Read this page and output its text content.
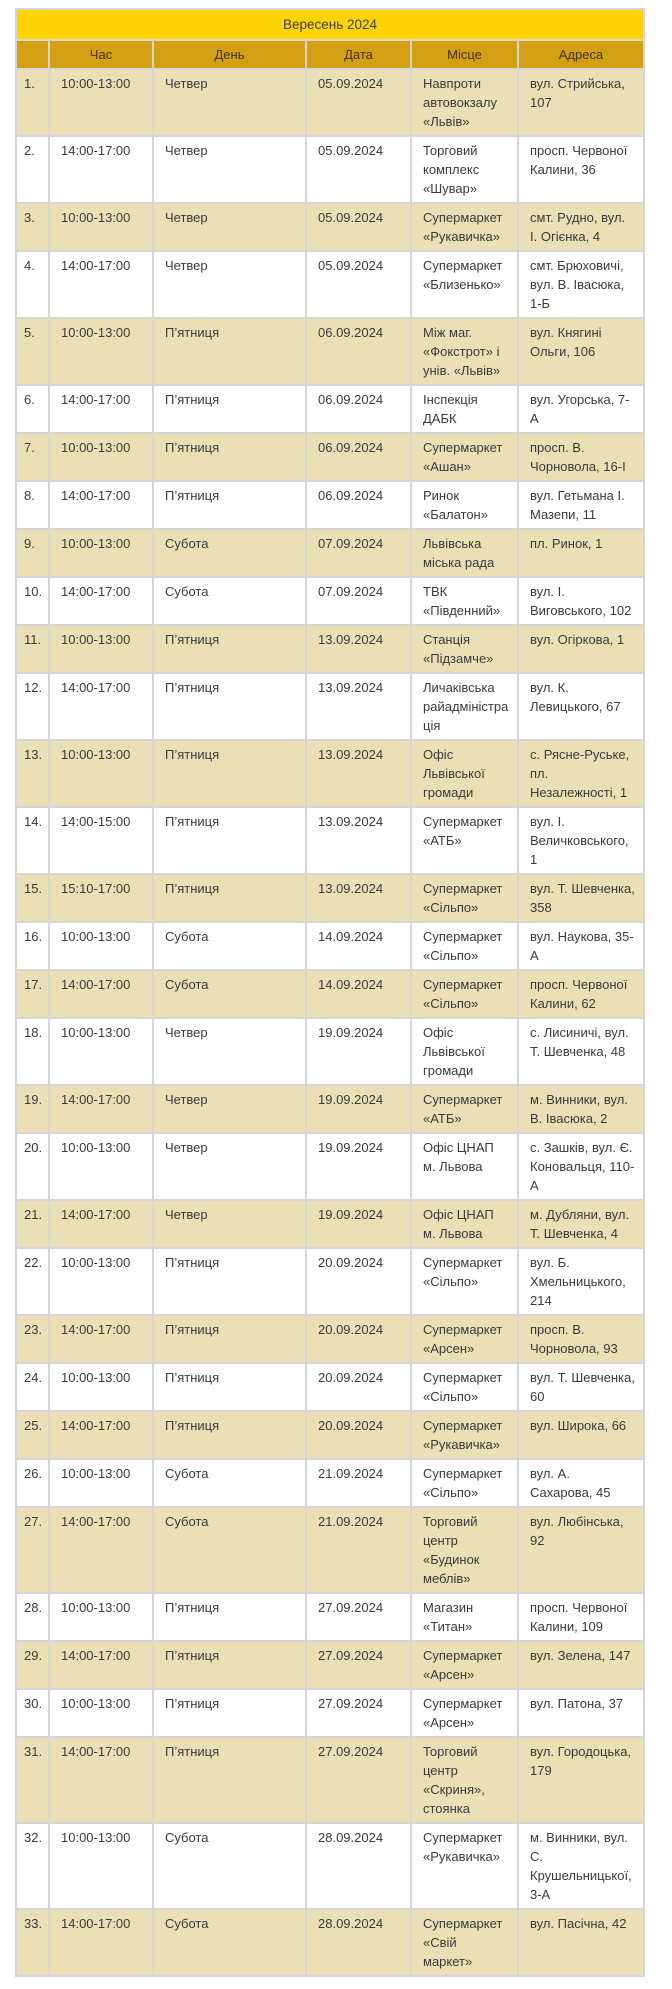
Вересень 2024					
	Час	День	Дата	Місце	Адреса
1.	10:00-13:00	Четвер	05.09.2024	Навпроти автовокзалу «Львів»	вул. Стрийська, 107
2.	14:00-17:00	Четвер	05.09.2024	Торговий комплекс «Шувар»	просп. Червоної Калини, 36
3.	10:00-13:00	Четвер	05.09.2024	Супермаркет «Рукавичка»	смт. Рудно, вул. І. Огієнка, 4
4.	14:00-17:00	Четвер	05.09.2024	Супермаркет «Близенько»	смт. Брюховичі, вул. В. Івасюка, 1-Б
5.	10:00-13:00	П’ятниця	06.09.2024	Між маг. «Фокстрот» і унів. «Львів»	вул. Княгині Ольги, 106
6.	14:00-17:00	П’ятниця	06.09.2024	Інспекція ДАБК	вул. Угорська, 7-А
7.	10:00-13:00	П’ятниця	06.09.2024	Супермаркет «Ашан»	просп. В. Чорновола, 16-І
8.	14:00-17:00	П’ятниця	06.09.2024	Ринок «Балатон»	вул. Гетьмана І. Мазепи, 11
9.	10:00-13:00	Субота	07.09.2024	Львівська міська рада	пл. Ринок, 1
10.	14:00-17:00	Субота	07.09.2024	ТВК «Південний»	вул. І. Виговського, 102
11.	10:00-13:00	П’ятниця	13.09.2024	Станція «Підзамче»	вул. Огіркова, 1
12.	14:00-17:00	П’ятниця	13.09.2024	Личаківська райадміністрація	вул. К. Левицького, 67
13.	10:00-13:00	П’ятниця	13.09.2024	Офіс Львівської громади	с. Рясне-Руське, пл. Незалежності, 1
14.	14:00-15:00	П’ятниця	13.09.2024	Супермаркет «АТБ»	вул. І. Величковського, 1
15.	15:10-17:00	П’ятниця	13.09.2024	Супермаркет «Сільпо»	вул. Т. Шевченка, 358
16.	10:00-13:00	Субота	14.09.2024	Супермаркет «Сільпо»	вул. Наукова, 35-А
17.	14:00-17:00	Субота	14.09.2024	Супермаркет «Сільпо»	просп. Червоної Калини, 62
18.	10:00-13:00	Четвер	19.09.2024	Офіс Львівської громади	с. Лисиничі, вул. Т. Шевченка, 48
19.	14:00-17:00	Четвер	19.09.2024	Супермаркет «АТБ»	м. Винники, вул. В. Івасюка, 2
20.	10:00-13:00	Четвер	19.09.2024	Офіс ЦНАП м. Львова	с. Зашків, вул. Є. Коновальця, 110-А
21.	14:00-17:00	Четвер	19.09.2024	Офіс ЦНАП м. Львова	м. Дубляни, вул. Т. Шевченка, 4
22.	10:00-13:00	П’ятниця	20.09.2024	Супермаркет «Сільпо»	вул. Б. Хмельницького, 214
23.	14:00-17:00	П’ятниця	20.09.2024	Супермаркет «Арсен»	просп. В. Чорновола, 93
24.	10:00-13:00	П’ятниця	20.09.2024	Супермаркет «Сільпо»	вул. Т. Шевченка, 60
25.	14:00-17:00	П’ятниця	20.09.2024	Супермаркет «Рукавичка»	вул. Широка, 66
26.	10:00-13:00	Субота	21.09.2024	Супермаркет «Сільпо»	вул. А. Сахарова, 45
27.	14:00-17:00	Субота	21.09.2024	Торговий центр «Будинок меблів»	вул. Любінська, 92
28.	10:00-13:00	П’ятниця	27.09.2024	Магазин «Титан»	просп. Червоної Калини, 109
29.	14:00-17:00	П’ятниця	27.09.2024	Супермаркет «Арсен»	вул. Зелена, 147
30.	10:00-13:00	П’ятниця	27.09.2024	Супермаркет «Арсен»	вул. Патона, 37
31.	14:00-17:00	П’ятниця	27.09.2024	Торговий центр «Скриня», стоянка	вул. Городоцька, 179
32.	10:00-13:00	Субота	28.09.2024	Супермаркет «Рукавичка»	м. Винники, вул. С. Крушельницької, 3-А
33.	14:00-17:00	Субота	28.09.2024	Супермаркет «Свій маркет»	вул. Пасічна, 42
